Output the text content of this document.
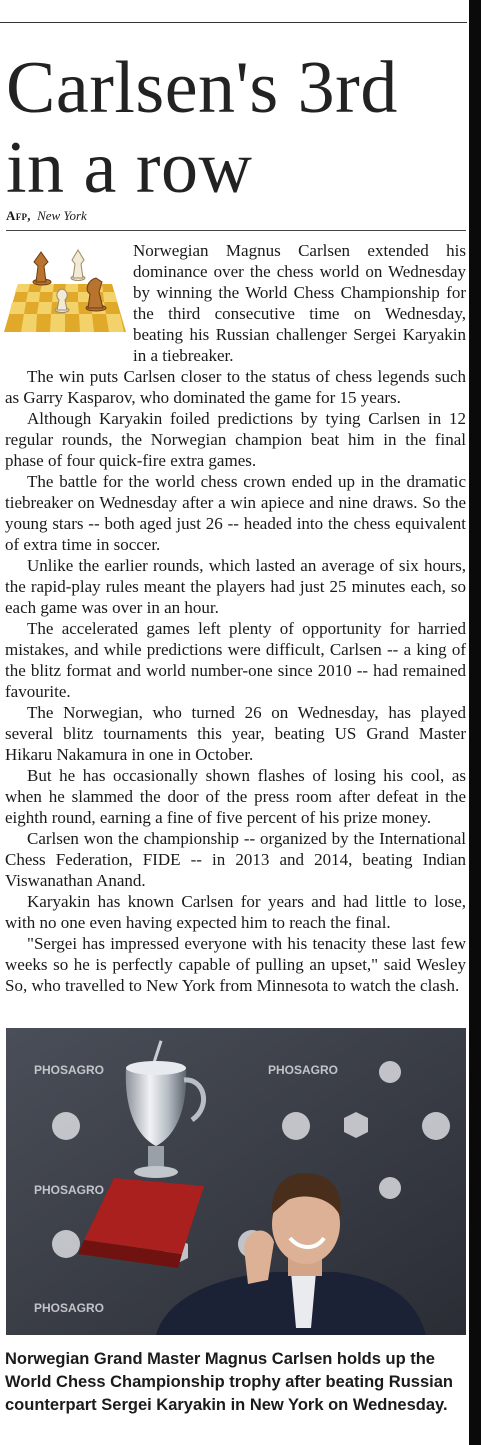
Carlsen's 3rd in a row
Afp, New York

Norwegian Magnus Carlsen extended his dominance over the chess world on Wednesday by winning the World Chess Championship for the third consecutive time on Wednesday, beating his Russian challenger Sergei Karyakin in a tiebreaker.

The win puts Carlsen closer to the status of chess legends such as Garry Kasparov, who dominated the game for 15 years.

Although Karyakin foiled predictions by tying Carlsen in 12 regular rounds, the Norwegian champion beat him in the final phase of four quick-fire extra games.

The battle for the world chess crown ended up in the dramatic tiebreaker on Wednesday after a win apiece and nine draws. So the young stars -- both aged just 26 -- headed into the chess equivalent of extra time in soccer.

Unlike the earlier rounds, which lasted an average of six hours, the rapid-play rules meant the players had just 25 minutes each, so each game was over in an hour.

The accelerated games left plenty of opportunity for harried mistakes, and while predictions were difficult, Carlsen -- a king of the blitz format and world number-one since 2010 -- had remained favourite.

The Norwegian, who turned 26 on Wednesday, has played several blitz tournaments this year, beating US Grand Master Hikaru Nakamura in one in October.

But he has occasionally shown flashes of losing his cool, as when he slammed the door of the press room after defeat in the eighth round, earning a fine of five percent of his prize money.

Carlsen won the championship -- organized by the International Chess Federation, FIDE -- in 2013 and 2014, beating Indian Viswanathan Anand.

Karyakin has known Carlsen for years and had little to lose, with no one even having expected him to reach the final.

"Sergei has impressed everyone with his tenacity these last few weeks so he is perfectly capable of pulling an upset," said Wesley So, who travelled to New York from Minnesota to watch the clash.

PHOSAGRO	PHOSAGRO
PHOSAGRO
PHOSAGRO

Norwegian Grand Master Magnus Carlsen holds up the World Chess Championship trophy after beating Russian counterpart Sergei Karyakin in New York on Wednesday.
